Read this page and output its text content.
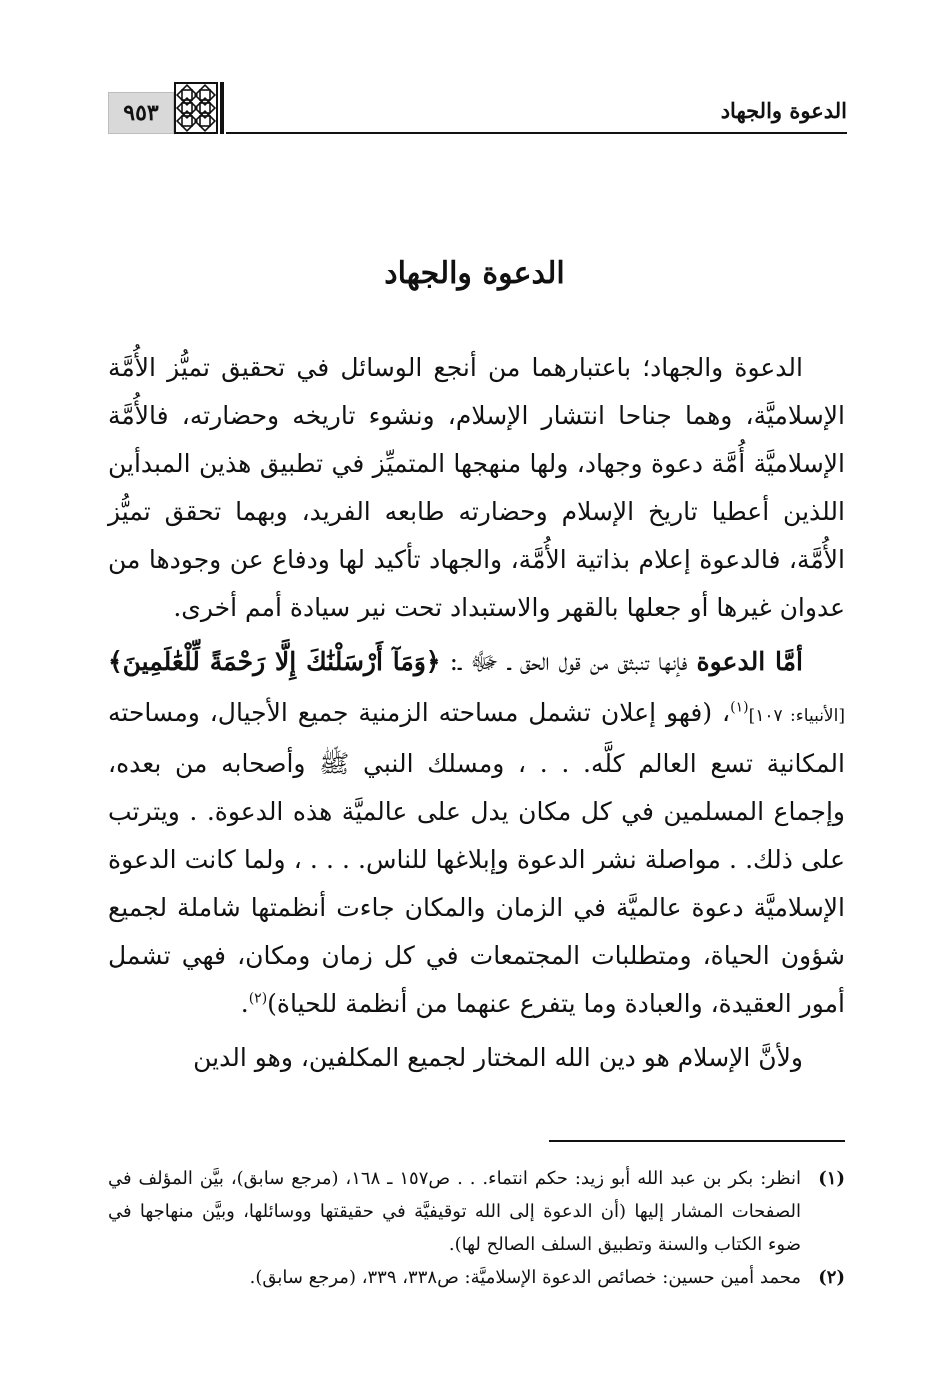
٩٥٣	الدعوة والجهاد
الدعوة والجهاد

الدعوة والجهاد؛ باعتبارهما من أنجع الوسائل في تحقيق تميُّز الأُمَّة الإسلاميَّة، وهما جناحا انتشار الإسلام، ونشوء تاريخه وحضارته، فالأُمَّة الإسلاميَّة أُمَّة دعوة وجهاد، ولها منهجها المتميِّز في تطبيق هذين المبدأين اللذين أعطيا تاريخ الإسلام وحضارته طابعه الفريد، وبهما تحقق تميُّز الأُمَّة، فالدعوة إعلام بذاتية الأُمَّة، والجهاد تأكيد لها ودفاع عن وجودها من عدوان غيرها أو جعلها بالقهر والاستبداد تحت نير سيادة أمم أخرى.

أمَّا الدعوة فإنها تنبثق من قول الحق ـ ﷻ ـ: ﴿وَمَآ أَرْسَلْنَٰكَ إِلَّا رَحْمَةً لِّلْعَٰلَمِينَ﴾ [الأنبياء: ١٠٧]$^{(١)}$، (فهو إعلان تشمل مساحته الزمنية جميع الأجيال، ومساحته المكانية تسع العالم كلَّه. . . ، ومسلك النبي ﷺ وأصحابه من بعده، وإجماع المسلمين في كل مكان يدل على عالميَّة هذه الدعوة. . ويترتب على ذلك. . مواصلة نشر الدعوة وإبلاغها للناس. . . . ، ولما كانت الدعوة الإسلاميَّة دعوة عالميَّة في الزمان والمكان جاءت أنظمتها شاملة لجميع شؤون الحياة، ومتطلبات المجتمعات في كل زمان ومكان، فهي تشمل أمور العقيدة، والعبادة وما يتفرع عنهما من أنظمة للحياة)$^{(٢)}$.

ولأنَّ الإسلام هو دين الله المختار لجميع المكلفين، وهو الدين

(١)
انظر: بكر بن عبد الله أبو زيد: حكم انتماء. . . ص١٥٧ ـ ١٦٨، (مرجع سابق)، بيَّن المؤلف في الصفحات المشار إليها (أن الدعوة إلى الله توقيفيَّة في حقيقتها ووسائلها، وبيَّن منهاجها في ضوء الكتاب والسنة وتطبيق السلف الصالح لها).
(٢)
محمد أمين حسين: خصائص الدعوة الإسلاميَّة: ص٣٣٨، ٣٣٩، (مرجع سابق).
